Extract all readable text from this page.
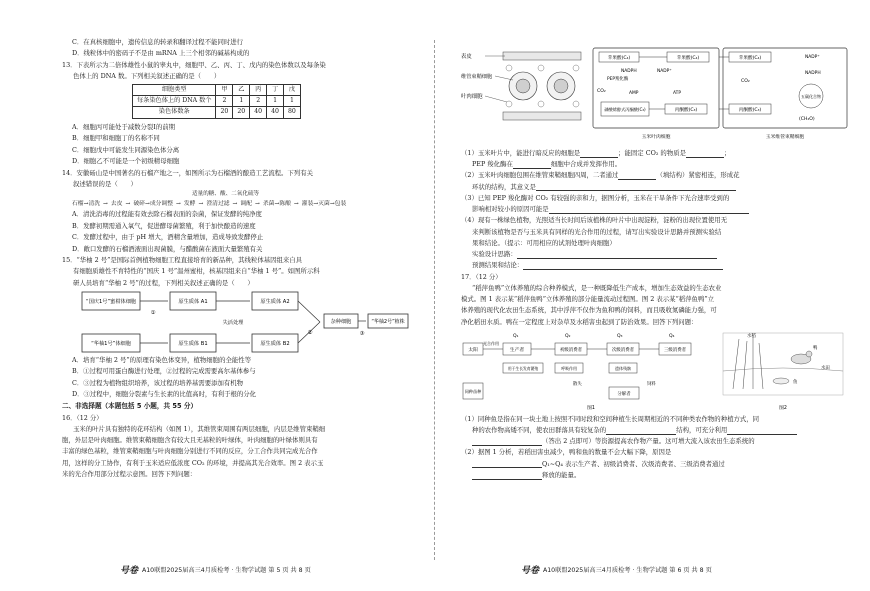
C．在真核细胞中，遗传信息的转录和翻译过程不能同时进行

D．线粒体中的密码子不是由 mRNA 上三个相邻的碱基构成的

13．下表所示为二倍体雄性小鼠的睾丸中，细胞甲、乙、丙、丁、戊内的染色体数以及每条染

色体上的 DNA 数。下列相关叙述正确的是（　　）

细胞类型	甲	乙	丙	丁	戊
每条染色体上的 DNA 数个	2	1	2	1	1
染色体数条	20	20	40	40	80

A．细胞丙可能处于减数分裂Ⅰ的前期

B．细胞甲和细胞丁的名称不同

C．细胞戊中可能发生同源染色体分离

D．细胞乙不可能是一个初级精母细胞

14．安徽砀山是中国著名的石榴产地之一，如图所示为石榴酒的酿造工艺流程。下列有关

叙述错误的是（　　）

适量的糖、酸、二氧化硫等
石榴→清洗 → 去皮 → 破碎→成分调整 → 发酵 → 澄清过滤 → 调配 → 杀菌→陈酿 → 灌装→灭菌→包装

A．清洗消毒的过程能有效去除石榴表面的杂菌，保证发酵的纯净度

B．发酵初期需通入氧气，促进酵母菌繁殖，利于加快酿造的速度

C．发酵过程中，由于 pH 增大，酒精含量增加，造成导致发酵停止

D．敞口发酵的石榴酒液面出现菌膜，与醋酸菌在液面大量繁殖有关

15．“华柚 2 号”是国际首例植物细胞工程直接培育的新品种，其线粒体基因组来自具

有细胞质雄性不育特性的“国庆 1 号”温州蜜柑，核基因组来自“华柚 1 号”。如图所示科

研人员培育“华柚 2 号”的过程，下列相关叙述正确的是（　　）

“国庆1号”蜜柑体细胞
①
原生质体 A1	原生质体 A2
失活处理
“华柚1号”体细胞	原生质体 B1	原生质体 B2
②
杂种细胞
③
“华柚2号”植株

A．培育“华柚 2 号”的原理有染色体变异，植物细胞的全能性等

B．①过程可用蛋白酶进行处理，②过程的完成需要高尔基体参与

C．③过程为植物组织培养，该过程的培养基需要添加有机物

D．③过程中，细胞分裂素与生长素的比值高时，有利于根的分化

二、非选择题（本题包括 5 小题，共 55 分）

16．（12 分）

玉米的叶片具有独特的花环结构（如图 1），其维管束周围有两层细胞，内层是维管束鞘细

胞，外层是叶肉细胞。维管束鞘细胞含有较大且无基粒的叶绿体，叶肉细胞的叶绿体则具有

丰富的绿色基粒，维管束鞘细胞与叶肉细胞分别进行不同的反应，分工合作共同完成光合作

用，这样的分工协作，有利于玉米适应低浓度 CO₂ 的环境，并提高其光合效率。图 2 表示玉

米的光合作用部分过程示意图。回答下列问题：

号卷 A10联盟2025届高三4月质检考 · 生物学试题 第 5 页 共 8 页
表皮
维管束鞘细胞
叶肉细胞
苹果酸(C₄)	苹果酸(C₄)
NADPH	NADP⁺
PEP羧化酶
CO₂	AMP	ATP
磷酸烯醇式丙酮酸(C₃)	丙酮酸(C₃)
苹果酸(C₄)	NADP⁺
NADPH
CO₂
五碳化合物
(CH₂O)
丙酮酸(C₃)
玉米叶肉细胞	玉米维管束鞘细胞

（1）玉米叶片中，能进行暗反应的细胞是	；能固定 CO₂ 的物质是	；

PEP 羧化酶在	细胞中合成并发挥作用。

（2）玉米叶肉细胞包围在维管束鞘细胞四周，二者通过	（填结构）紧密相连，形成花

环状的结构，其意义是

（3）已知 PEP 羧化酶对 CO₂ 有较强的亲和力，据图分析，玉米在干旱条件下光合速率受到的

影响相对较小的原因可能是

（4）现有一株绿色植物，光照适当长时间后该植株的叶片中出现淀粉，淀粉的出现位置使用无

来判断该植物是否与玉米具有同样的光合作用的过程，请写出实验设计思路并预测实验结

果和结论。（提示：可用相应的试剂处理叶肉细胞）

实验设计思路：

预测结果和结论：

17．（12 分）

“稻萍鱼鸭”立体养殖的综合种养模式，是一种既降低生产成本，增加生态效益的生态农业

模式。图 1 表示某“稻萍鱼鸭”立体养殖的部分能量流动过程图。图 2 表示某“稻萍鱼鸭”立

体养殖的现代化农田生态系统，其中浮萍不仅作为鱼和鸭的饲料，而且吸收氮磷能力强，可

净化稻田水质。鸭在一定程度上对杂草及水稻害虫起到了防治效果。回答下列问题：

太阳
光合作用
生产者
Q₁
初级消费者
Q₂
次级消费者
Q₃
三级消费者
Q₄
用于生长发育繁殖	呼吸作用	遗体残骸
同种苗种
分解者
散失	饲料
图1
鸭
鱼
水稻
水田
图2

（1）同种鱼是指在同一块土地上按照不同时段和空间种植生长周期相近的不同种类农作物的种植方式，同

种的农作物高矮不同，使农田群落具有较复杂的	结构，可充分利用

（答出 2 点即可）等资源提高农作物产量。这可增大流入该农田生态系统的

（2）据图 1 分析，若稻田害虫减少，鸭和鱼的数量不会大幅下降，原因是

Q₁~Q₄ 表示生产者、初级消费者、次级消费者、三级消费者通过

释放的能量。

号卷 A10联盟2025届高三4月质检考 · 生物学试题 第 6 页 共 8 页
